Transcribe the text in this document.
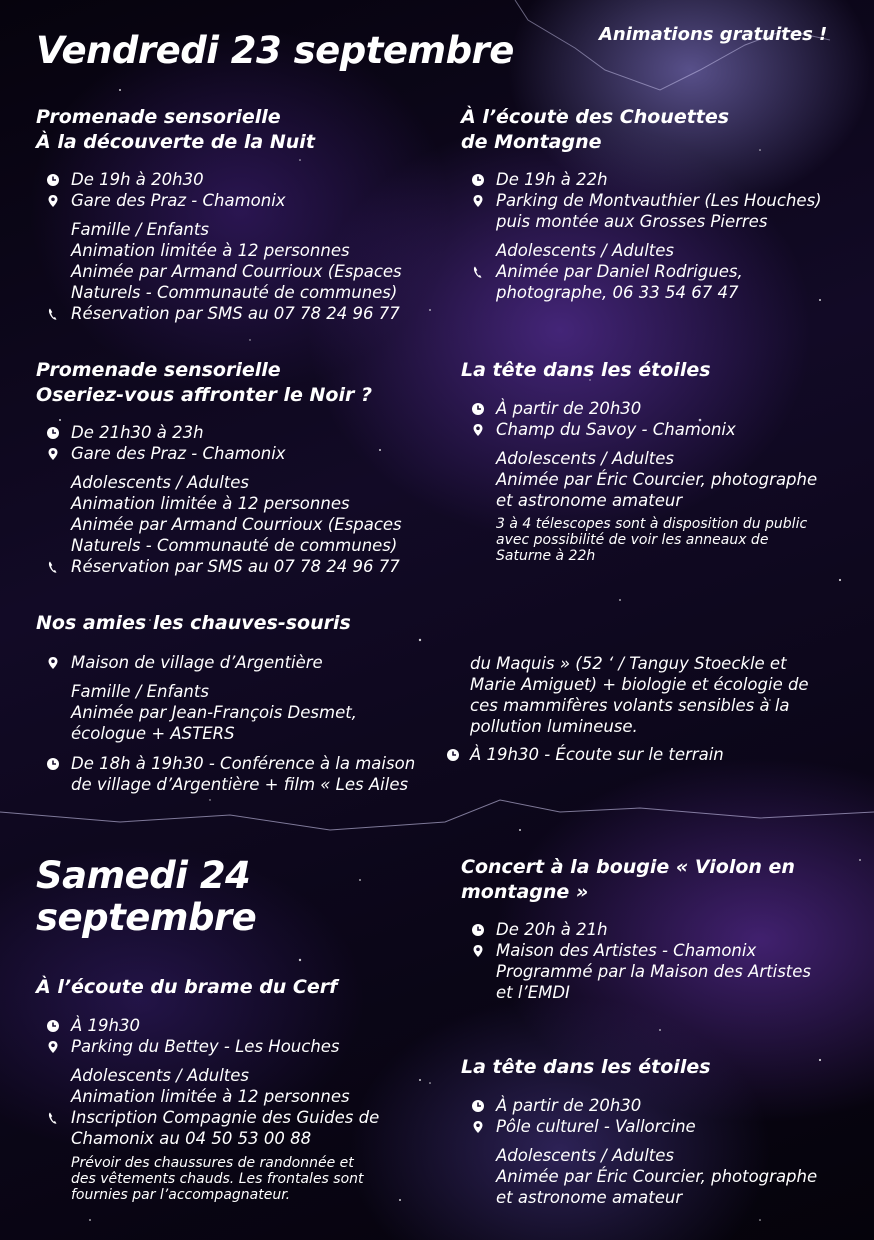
Vendredi 23 septembre	Animations gratuites !
Promenade sensorielle
À la découverte de la Nuit
De 19h à 20h30
Gare des Praz - Chamonix
Famille / Enfants
Animation limitée à 12 personnes
Animée par Armand Courrioux (Espaces
Naturels - Communauté de communes)
Réservation par SMS au 07 78 24 96 77
Promenade sensorielle
Oseriez-vous affronter le Noir ?
De 21h30 à 23h
Gare des Praz - Chamonix
Adolescents / Adultes
Animation limitée à 12 personnes
Animée par Armand Courrioux (Espaces
Naturels - Communauté de communes)
Réservation par SMS au 07 78 24 96 77
Nos amies les chauves-souris
Maison de village d’Argentière
Famille / Enfants
Animée par Jean-François Desmet,
écologue + ASTERS
De 18h à 19h30 - Conférence à la maison
de village d’Argentière + film « Les Ailes
du Maquis » (52 ‘ / Tanguy Stoeckle et
Marie Amiguet) + biologie et écologie de
ces mammifères volants sensibles à la
pollution lumineuse.
À 19h30 - Écoute sur le terrain
À l’écoute des Chouettes
de Montagne
De 19h à 22h
Parking de Montvauthier (Les Houches)
puis montée aux Grosses Pierres
Adolescents / Adultes
Animée par Daniel Rodrigues,
photographe, 06 33 54 67 47
La tête dans les étoiles
À partir de 20h30
Champ du Savoy - Chamonix
Adolescents / Adultes
Animée par Éric Courcier, photographe
et astronome amateur
3 à 4 télescopes sont à disposition du public
avec possibilité de voir les anneaux de
Saturne à 22h
Samedi 24
septembre
À l’écoute du brame du Cerf
À 19h30
Parking du Bettey - Les Houches
Adolescents / Adultes
Animation limitée à 12 personnes
Inscription Compagnie des Guides de
Chamonix au 04 50 53 00 88
Prévoir des chaussures de randonnée et
des vêtements chauds. Les frontales sont
fournies par l’accompagnateur.
Concert à la bougie « Violon en
montagne »
De 20h à 21h
Maison des Artistes - Chamonix
Programmé par la Maison des Artistes
et l’EMDI
La tête dans les étoiles
À partir de 20h30
Pôle culturel - Vallorcine
Adolescents / Adultes
Animée par Éric Courcier, photographe
et astronome amateur
